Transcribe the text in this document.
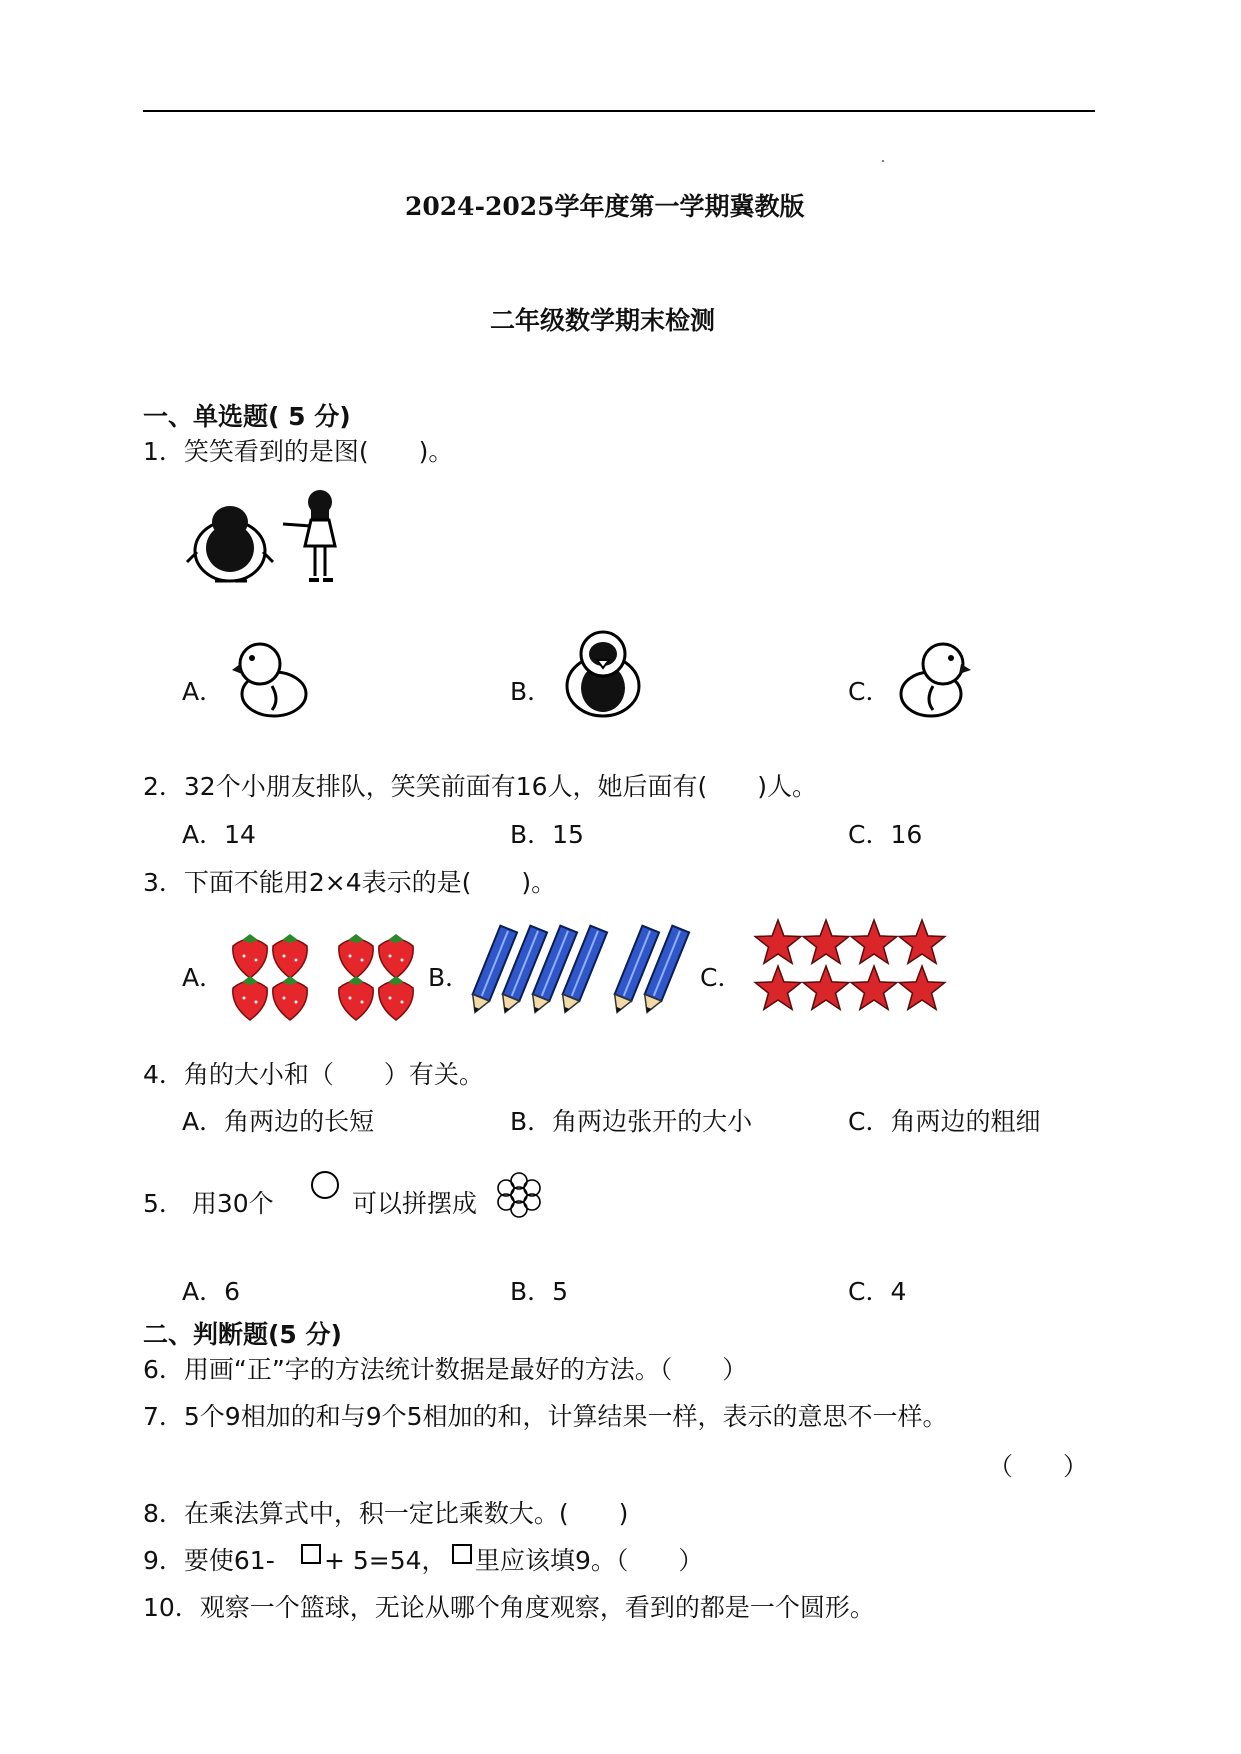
2024-2025学年度第一学期冀教版
二年级数学期末检测
一、单选题( 5 分)
1．笑笑看到的是图(　　)。
A．	B．	C．
2．32个小朋友排队，笑笑前面有16人，她后面有(　　)人。
A．14	B．15	C．16
3．下面不能用2×4表示的是(　　)。
A．	B．	C．
4．角的大小和（　　）有关。
A．角两边的长短	B．角两边张开的大小	C．角两边的粗细
5． 用30个	可以拼摆成
A．6	B．5	C．4
二、判断题(5 分)
6．用画“正”字的方法统计数据是最好的方法。（　　）
7．5个9相加的和与9个5相加的和，计算结果一样，表示的意思不一样。
（　　）
8．在乘法算式中，积一定比乘数大。(　　)
9．要使61- + 5=54， 里应该填9。（　　）
10．观察一个篮球，无论从哪个角度观察，看到的都是一个圆形。
